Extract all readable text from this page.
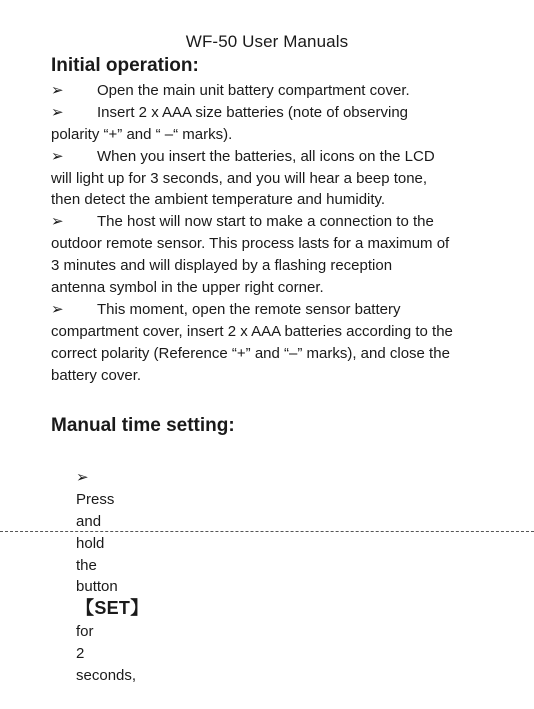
WF-50 User Manuals
Initial operation:
➢ Open the main unit battery compartment cover.
➢ Insert 2 x AAA size batteries (note of observing
polarity “+” and “ –“ marks).
➢ When you insert the batteries, all icons on the LCD
will light up for 3 seconds, and you will hear a beep tone,
then detect the ambient temperature and humidity.
➢ The host will now start to make a connection to the
outdoor remote sensor. This process lasts for a maximum of
3 minutes and will displayed by a flashing reception
antenna symbol in the upper right corner.
➢ This moment, open the remote sensor battery
compartment cover, insert 2 x AAA batteries according to the
correct polarity (Reference “+” and “–” marks), and close the
battery cover.
Manual time setting:

➢
Press
and
hold
the
button
【SET】
for
2
seconds,
